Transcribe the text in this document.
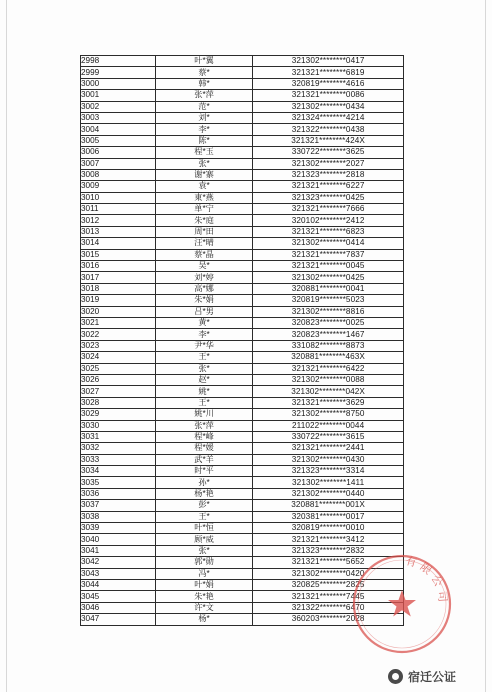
2998	叶*翼	321302********0417
2999	蔡*	321321********6819
3000	韩*	320819********4616
3001	张*萍	321321********0086
3002	范*	321302********0434
3003	刘*	321324********4214
3004	李*	321322********0438
3005	陈*	321321********424X
3006	程*玉	330722********3625
3007	张*	321302********2027
3008	谢*寨	321323********2818
3009	袁*	321321********6227
3010	東*燕	321323********0425
3011	单*宁	321321********7666
3012	朱*庭	320102********2412
3013	周*田	321321********6823
3014	汪*晴	321302********0414
3015	蔡*晶	321321********7837
3016	吴*	321321********0045
3017	刘*婷	321302********0425
3018	高*娜	320881********0041
3019	朱*娟	320819********5023
3020	吕*男	321302********8816
3021	黄*	320823********0025
3022	李*	320823********1467
3023	尹*华	331082********8873
3024	王*	320881********463X
3025	张*	321321********6422
3026	赵*	321302********0088
3027	姚*	321302********042X
3028	王*	321321********3629
3029	姚*川	321302********8750
3030	张*萍	211022********0044
3031	程*峰	330722********3615
3032	程*媛	321321********2441
3033	武*羊	321302********0430
3034	时*平	321323********3314
3035	孙*	321302********1411
3036	杨*艳	321302********0440
3037	彭*	320881********001X
3038	王*	320381********0017
3039	叶*恒	320819********0010
3040	顾*威	321321********3412
3041	张*	321323********2832
3042	郭*勋	321321********5652
3043	冯*	321302********0420
3044	叶*娟	320825********2825
3045	朱*艳	321321********7445
3046	许*文	321322********6470
3047	杨*	360203********2028
有限公司
宿迁公证
